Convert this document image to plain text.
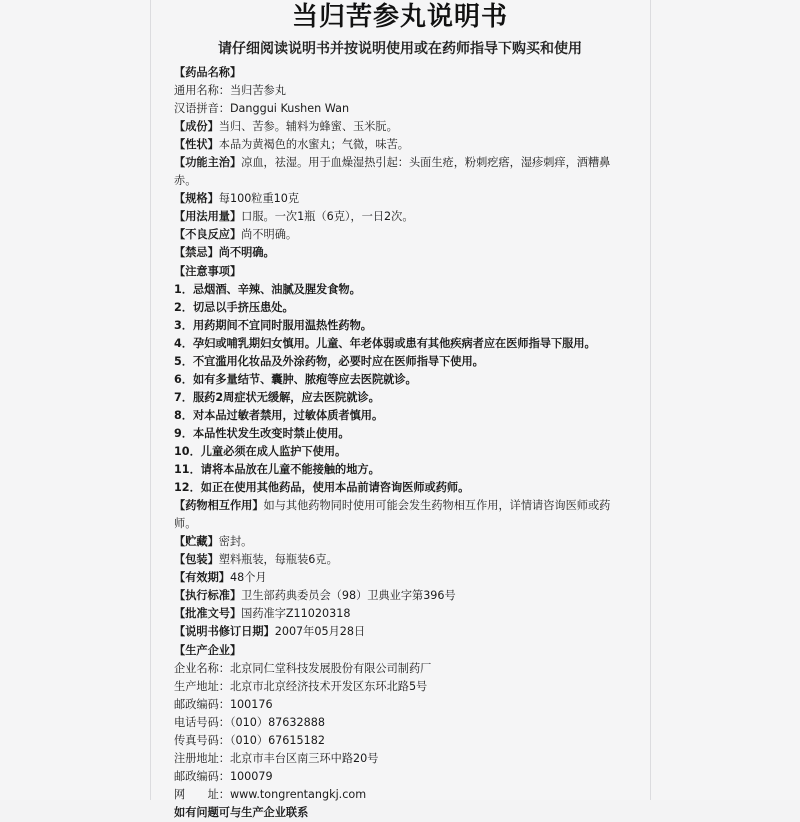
当归苦参丸说明书
请仔细阅读说明书并按说明使用或在药师指导下购买和使用
【药品名称】
通用名称：当归苦参丸
汉语拼音：Danggui Kushen Wan
【成份】当归、苦参。辅料为蜂蜜、玉米朊。
【性状】本品为黄褐色的水蜜丸；气微，味苦。
【功能主治】凉血，祛湿。用于血燥湿热引起：头面生疮，粉刺疙瘩，湿疹刺痒，酒糟鼻赤。
【规格】每100粒重10克
【用法用量】口服。一次1瓶（6克），一日2次。
【不良反应】尚不明确。
【禁忌】尚不明确。
【注意事项】
1．忌烟酒、辛辣、油腻及腥发食物。
2．切忌以手挤压患处。
3．用药期间不宜同时服用温热性药物。
4．孕妇或哺乳期妇女慎用。儿童、年老体弱或患有其他疾病者应在医师指导下服用。
5．不宜滥用化妆品及外涂药物，必要时应在医师指导下使用。
6．如有多量结节、囊肿、脓疱等应去医院就诊。
7．服药2周症状无缓解，应去医院就诊。
8．对本品过敏者禁用，过敏体质者慎用。
9．本品性状发生改变时禁止使用。
10．儿童必须在成人监护下使用。
11．请将本品放在儿童不能接触的地方。
12．如正在使用其他药品，使用本品前请咨询医师或药师。
【药物相互作用】如与其他药物同时使用可能会发生药物相互作用，详情请咨询医师或药师。
【贮藏】密封。
【包装】塑料瓶装，每瓶装6克。
【有效期】48个月
【执行标准】卫生部药典委员会（98）卫典业字第396号
【批准文号】国药准字Z11020318
【说明书修订日期】2007年05月28日
【生产企业】
企业名称：北京同仁堂科技发展股份有限公司制药厂
生产地址：北京市北京经济技术开发区东环北路5号
邮政编码：100176
电话号码：（010）87632888
传真号码：（010）67615182
注册地址：北京市丰台区南三环中路20号
邮政编码：100079
网　　址：www.tongrentangkj.com
如有问题可与生产企业联系
